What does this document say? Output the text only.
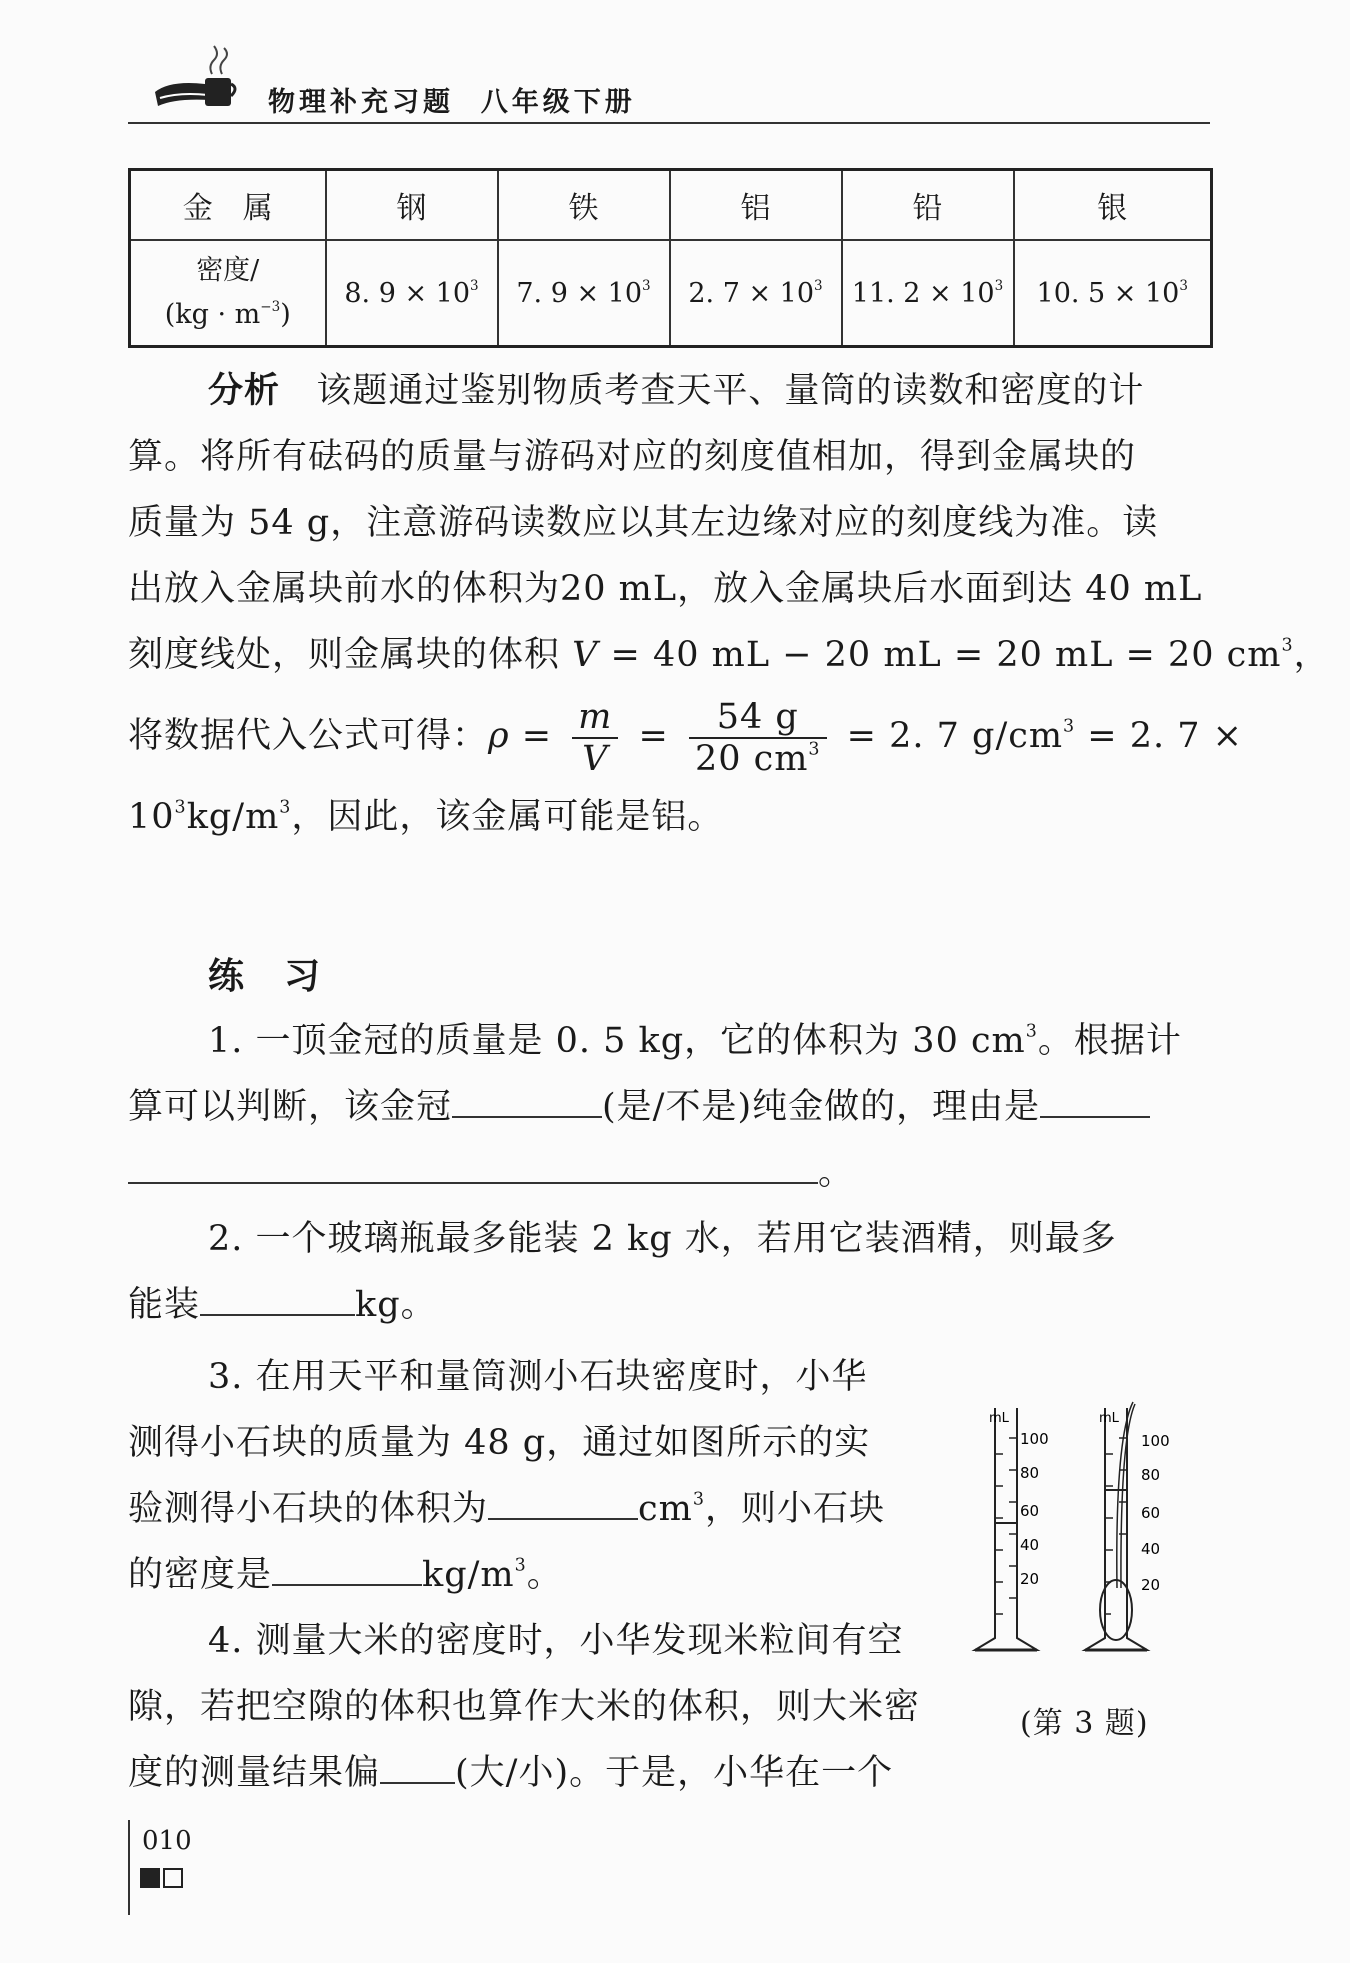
物理补充习题  八年级下册
金　属	钢	铁	铝	铅	银
密度/
$(kg \cdot m^{-3})$	8. $9 \times 10^3$	7. $9 \times 10^3$	2. $7 \times 10^3$	11. $2 \times 10^3$	10. $5 \times 10^3$
分析 该题通过鉴别物质考查天平、量筒的读数和密度的计
算。将所有砝码的质量与游码对应的刻度值相加，得到金属块的
质量为 54 g，注意游码读数应以其左边缘对应的刻度线为准。读
出放入金属块前水的体积为20 mL，放入金属块后水面到达 40 mL
刻度线处，则金属块的体积 V = 40 mL − 20 mL = 20 mL = 20 $cm^3$，
将数据代入公式可得：$\rho = \frac{m}{V} = \frac{54 g}{20 cm^3} = 2$. 7 $g/cm^3 = 2$. 7 ×
$10^3kg/m^3$，因此，该金属可能是铝。
练习
1. 一顶金冠的质量是 0. 5 kg，它的体积为 30 $cm^3$。根据计
算可以判断，该金冠	(是/不是)纯金做的，理由是
。
2. 一个玻璃瓶最多能装 2 kg 水，若用它装酒精，则最多
能装	kg。
3. 在用天平和量筒测小石块密度时，小华
测得小石块的质量为 48 g，通过如图所示的实
验测得小石块的体积为	$cm^3$，则小石块
的密度是	$kg/m^3$。
4. 测量大米的密度时，小华发现米粒间有空
隙，若把空隙的体积也算作大米的体积，则大米密
度的测量结果偏 (大/小)。于是，小华在一个
mL
100
80
60
40
20
mL
100
80
60
40
20
(第 3 题)
010
